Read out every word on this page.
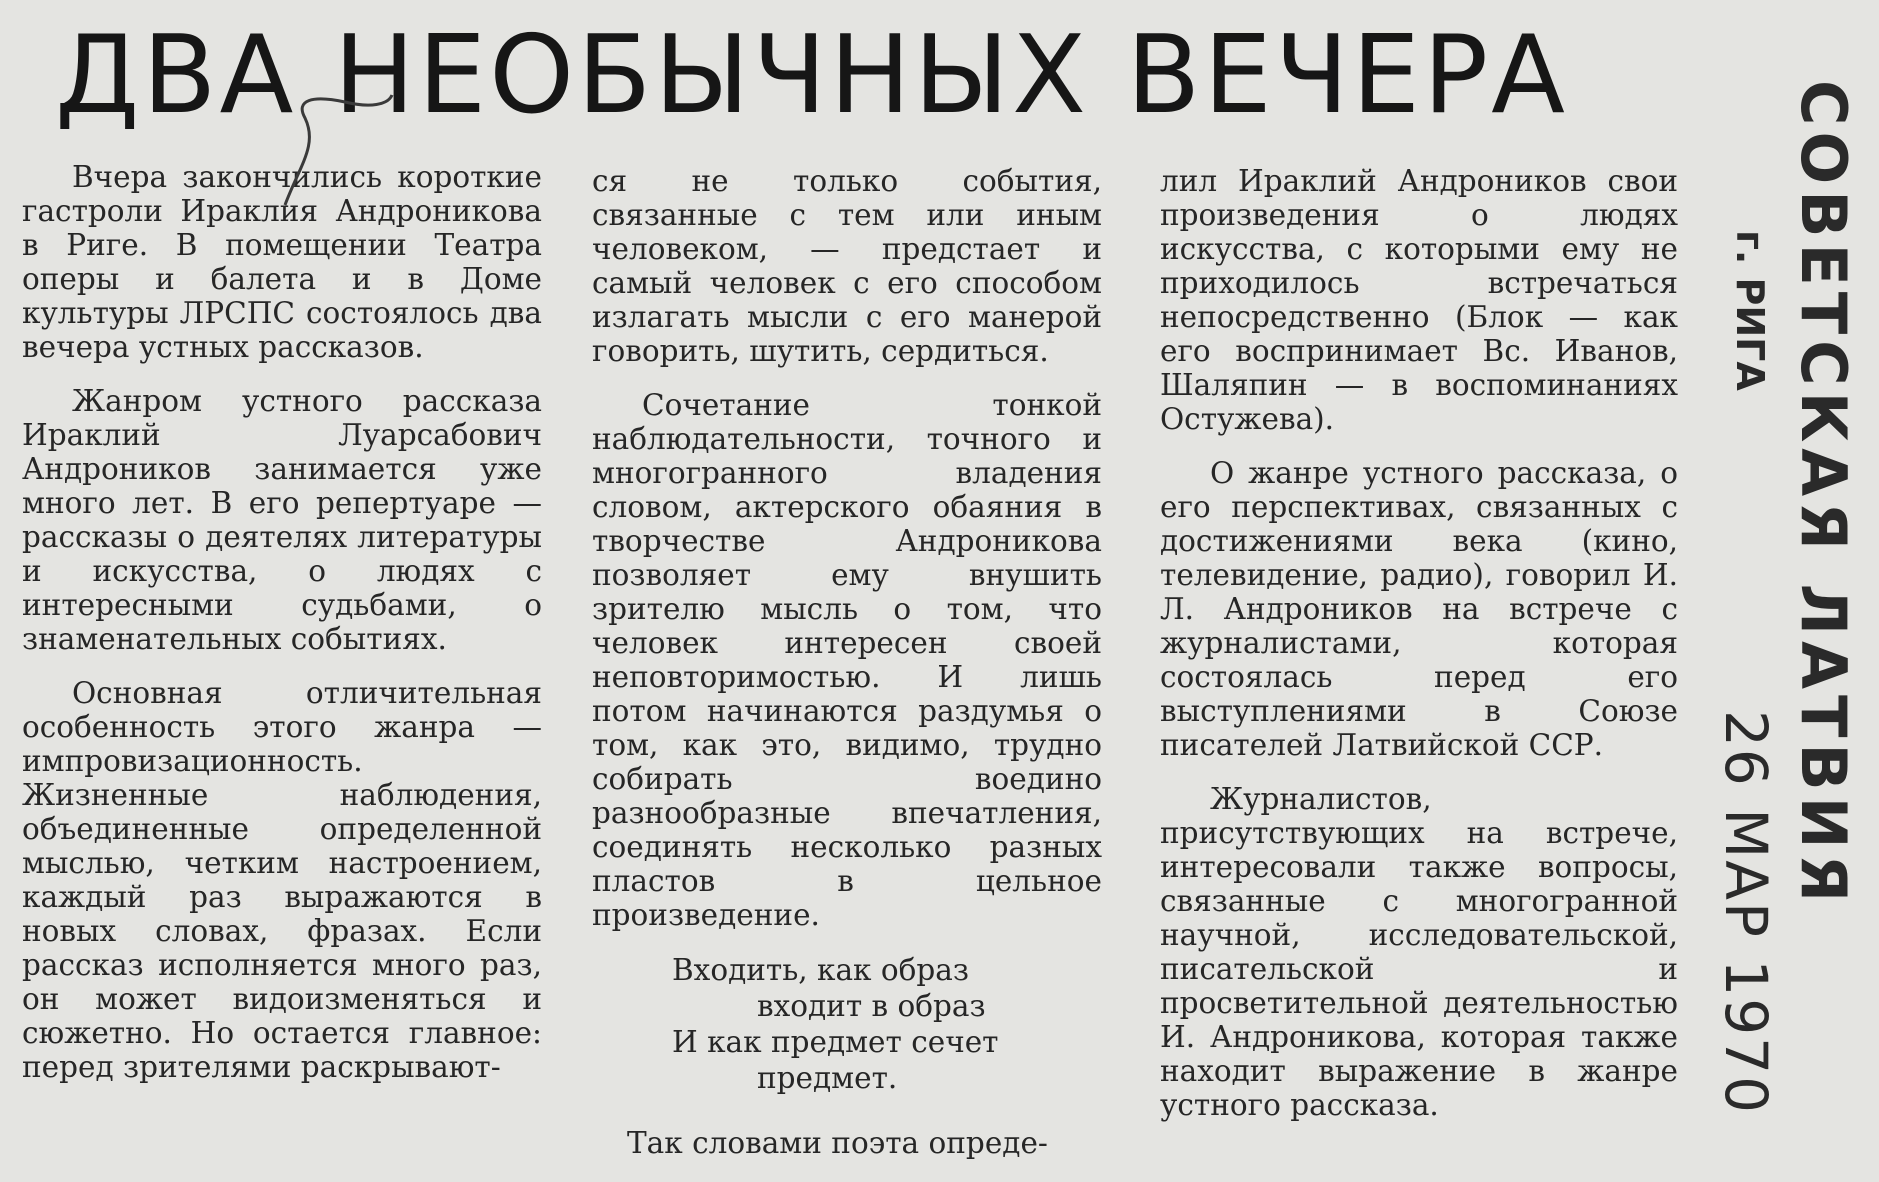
ДВА НЕОБЫЧНЫХ ВЕЧЕРА

Вчера закончились короткие гастроли Ираклия Андроникова в Риге. В помещении Театра оперы и балета и в Доме культуры ЛРСПС состоялось два вечера устных рассказов.

Жанром устного рассказа Ираклий Луарсабович Андроников занимается уже много лет. В его репертуаре — рассказы о деятелях литературы и искусства, о людях с интересными судьбами, о знаменательных событиях.

Основная отличительная особенность этого жанра — импровизационность. Жизненные наблюдения, объединенные определенной мыслью, четким настроением, каждый раз выражаются в новых словах, фразах. Если рассказ исполняется много раз, он может видоизменяться и сюжетно. Но остается главное: перед зрителями раскрывают-

ся не только события, связанные с тем или иным человеком, — предстает и самый человек с его способом излагать мысли с его манерой говорить, шутить, сердиться.

Сочетание тонкой наблюдательности, точного и многогранного владения словом, актерского обаяния в творчестве Андроникова позволяет ему внушить зрителю мысль о том, что человек интересен своей неповторимостью. И лишь потом начинаются раздумья о том, как это, видимо, трудно собирать воедино разнообразные впечатления, соединять несколько разных пластов в цельное произведение.

Входить, как образ
входит в образ
И как предмет сечет
предмет.

Так словами поэта опреде-

лил Ираклий Андроников свои произведения о людях искусства, с которыми ему не приходилось встречаться непосредственно (Блок — как его воспринимает Вс. Иванов, Шаляпин — в воспоминаниях Остужева).

О жанре устного рассказа, о его перспективах, связанных с достижениями века (кино, телевидение, радио), говорил И. Л. Андроников на встрече с журналистами, которая состоялась перед его выступлениями в Союзе писателей Латвийской ССР.

Журналистов, присутствующих на встрече, интересовали также вопросы, связанные с многогранной научной, исследовательской, писательской и просветительной деятельностью И. Андроникова, которая также находит выражение в жанре устного рассказа.

СОВЕТСКАЯ ЛАТВИЯ
г. РИГА
26 МАР 1970
